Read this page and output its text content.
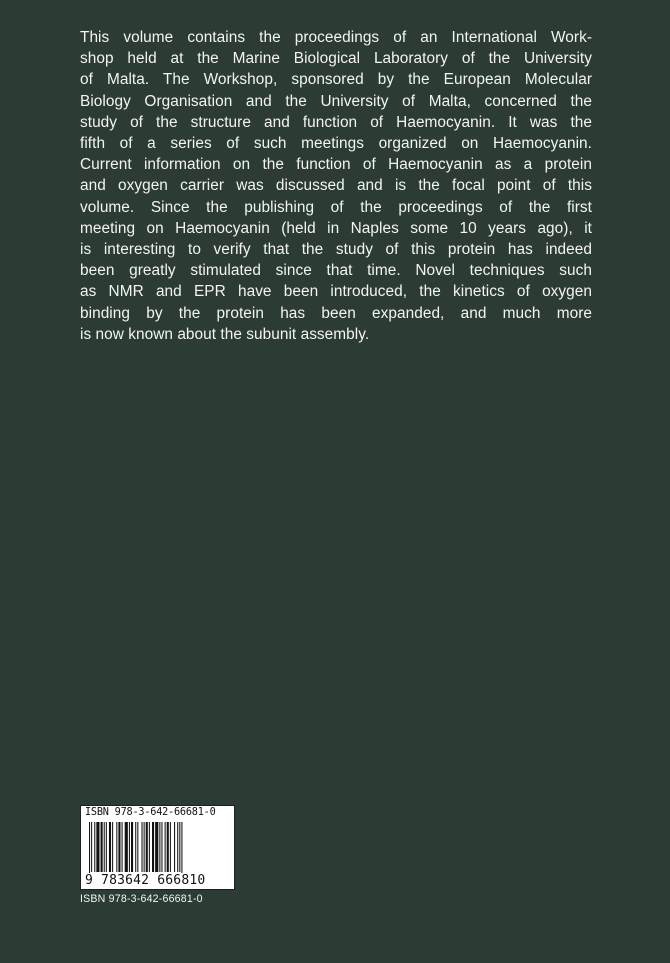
This volume contains the proceedings of an International Work-
shop held at the Marine Biological Laboratory of the University
of Malta. The Workshop, sponsored by the European Molecular
Biology Organisation and the University of Malta, concerned the
study of the structure and function of Haemocyanin. It was the
fifth of a series of such meetings organized on Haemocyanin.
Current information on the function of Haemocyanin as a protein
and oxygen carrier was discussed and is the focal point of this
volume. Since the publishing of the proceedings of the first
meeting on Haemocyanin (held in Naples some 10 years ago), it
is interesting to verify that the study of this protein has indeed
been greatly stimulated since that time. Novel techniques such
as NMR and EPR have been introduced, the kinetics of oxygen
binding by the protein has been expanded, and much more
is now known about the subunit assembly.
ISBN 978-3-642-66681-0
9 783642 666810
ISBN 978-3-642-66681-0
